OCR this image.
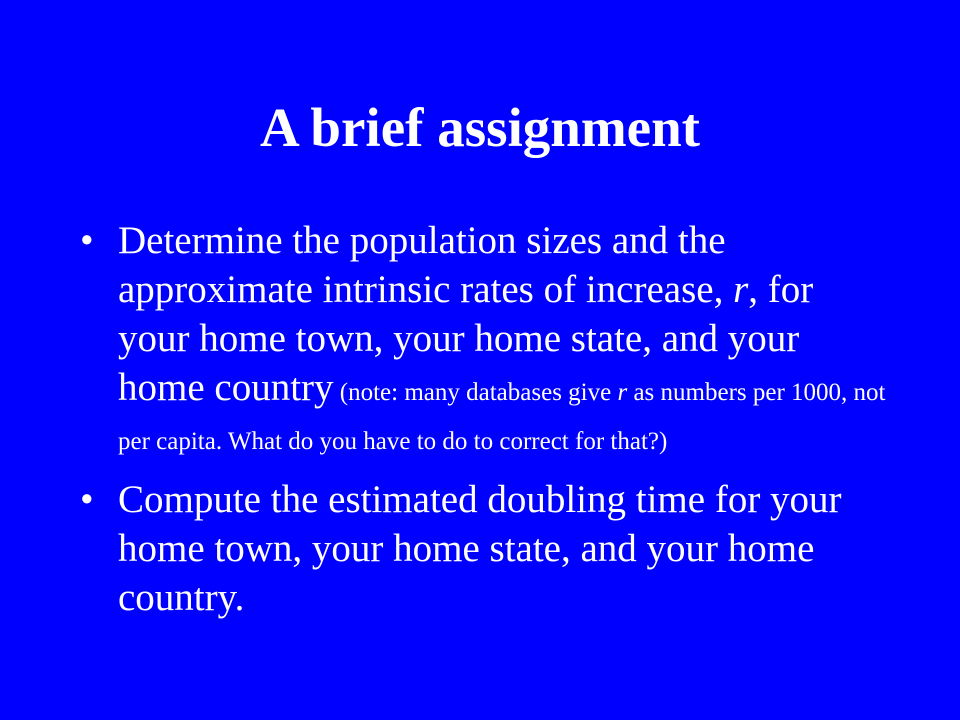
A brief assignment
• Determine the population sizes and the approximate intrinsic rates of increase, r, for your home town, your home state, and your home country (note: many databases give r as numbers per 1000, not per capita. What do you have to do to correct for that?)
• Compute the estimated doubling time for your home town, your home state, and your home country.
